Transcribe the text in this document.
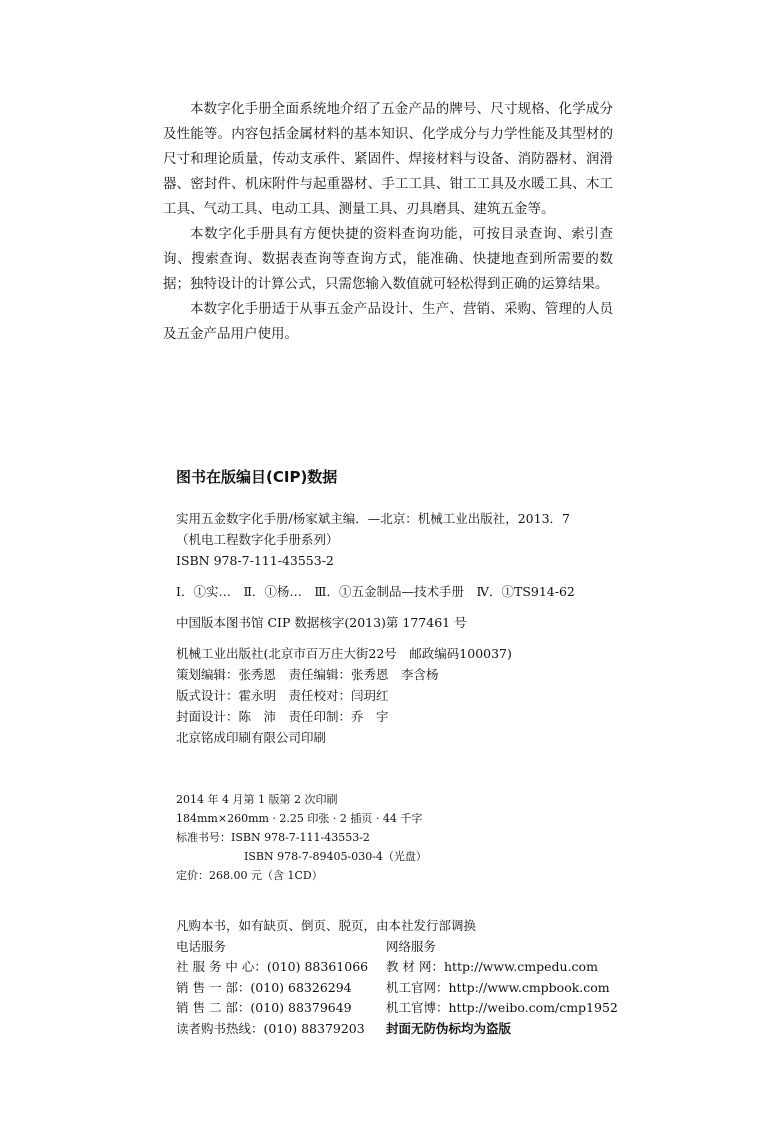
本数字化手册全面系统地介绍了五金产品的牌号、尺寸规格、化学成分及性能等。内容包括金属材料的基本知识、化学成分与力学性能及其型材的尺寸和理论质量，传动支承件、紧固件、焊接材料与设备、消防器材、润滑器、密封件、机床附件与起重器材、手工工具、钳工工具及水暖工具、木工工具、气动工具、电动工具、测量工具、刃具磨具、建筑五金等。

本数字化手册具有方便快捷的资料查询功能，可按目录查询、索引查询、搜索查询、数据表查询等查询方式，能准确、快捷地查到所需要的数据；独特设计的计算公式，只需您输入数值就可轻松得到正确的运算结果。

本数字化手册适于从事五金产品设计、生产、营销、采购、管理的人员及五金产品用户使用。

图书在版编目(CIP)数据
实用五金数字化手册/杨家斌主编．—北京：机械工业出版社，2013．7
（机电工程数字化手册系列）
ISBN 978-7-111-43553-2
Ⅰ．①实…　Ⅱ．①杨…　Ⅲ．①五金制品—技术手册　Ⅳ．①TS914-62
中国版本图书馆 CIP 数据核字(2013)第 177461 号
机械工业出版社(北京市百万庄大街22号　邮政编码100037)
策划编辑：张秀恩　责任编辑：张秀恩　李含杨
版式设计：霍永明　责任校对：闫玥红
封面设计：陈　沛　责任印制：乔　宇
北京铭成印刷有限公司印刷
2014 年 4 月第 1 版第 2 次印刷
184mm×260mm · 2.25 印张 · 2 插页 · 44 千字
标准书号：ISBN 978-7-111-43553-2
ISBN 978-7-89405-030-4（光盘）
定价：268.00 元（含 1CD）
凡购本书，如有缺页、倒页、脱页，由本社发行部调换
电话服务	网络服务
社 服 务 中 心：(010) 88361066	教 材 网：http://www.cmpedu.com
销 售 一 部：(010) 68326294	机工官网：http://www.cmpbook.com
销 售 二 部：(010) 88379649	机工官博：http://weibo.com/cmp1952
读者购书热线：(010) 88379203	封面无防伪标均为盗版
